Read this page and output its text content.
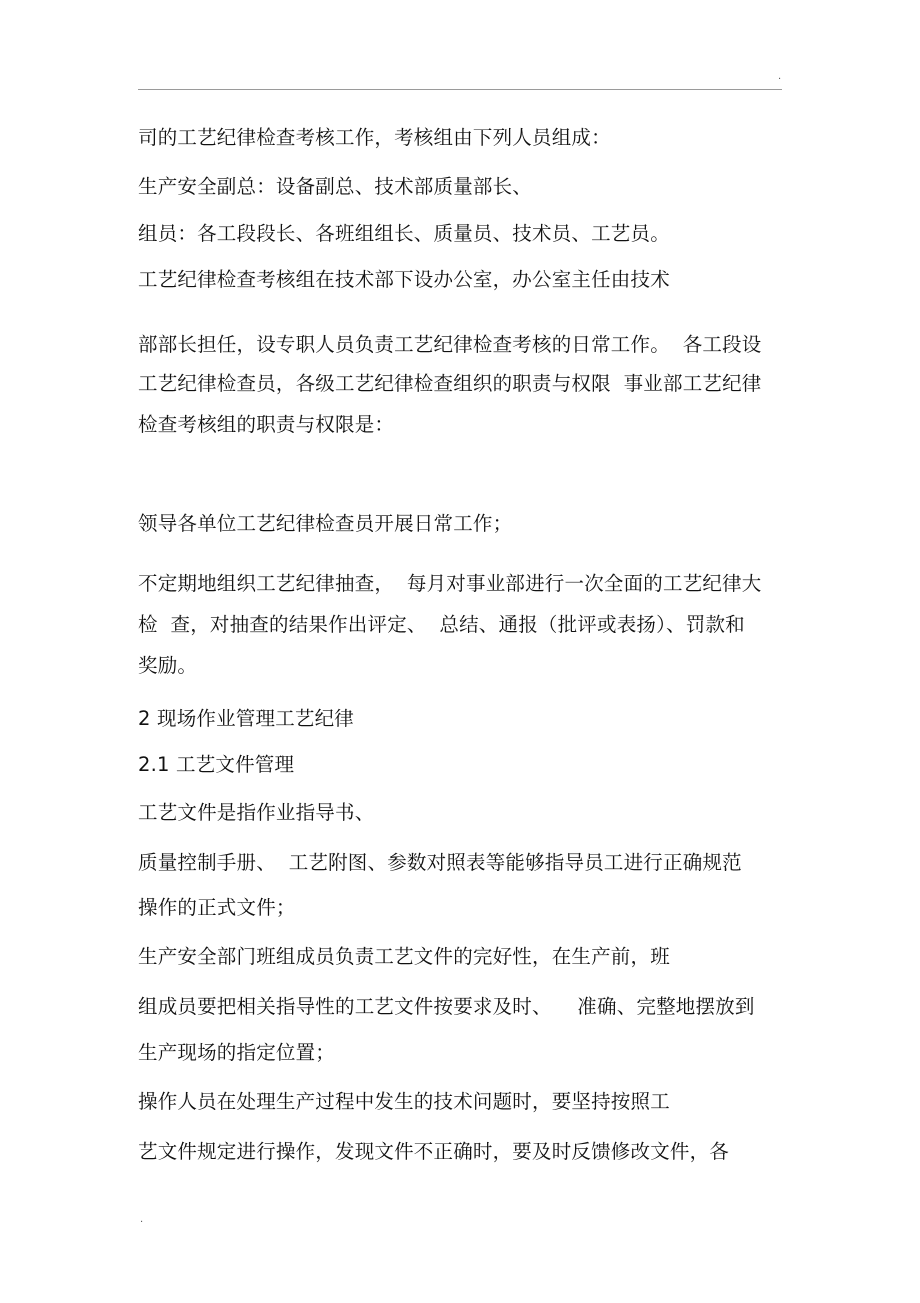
.
司的工艺纪律检查考核工作，考核组由下列人员组成：
生产安全副总：设备副总、技术部质量部长、
组员：各工段段长、各班组组长、质量员、技术员、工艺员。
工艺纪律检查考核组在技术部下设办公室，办公室主任由技术
部部长担任，设专职人员负责工艺纪律检查考核的日常工作。  各工段设
工艺纪律检查员，各级工艺纪律检查组织的职责与权限  事业部工艺纪律
检查考核组的职责与权限是：
领导各单位工艺纪律检查员开展日常工作；
不定期地组织工艺纪律抽查，  每月对事业部进行一次全面的工艺纪律大
检  查，对抽查的结果作出评定、  总结、通报（批评或表扬）、罚款和
奖励。
2 现场作业管理工艺纪律
2.1 工艺文件管理
工艺文件是指作业指导书、
质量控制手册、  工艺附图、参数对照表等能够指导员工进行正确规范
操作的正式文件；
生产安全部门班组成员负责工艺文件的完好性，在生产前，班
组成员要把相关指导性的工艺文件按要求及时、    准确、完整地摆放到
生产现场的指定位置；
操作人员在处理生产过程中发生的技术问题时，要坚持按照工
艺文件规定进行操作，发现文件不正确时，要及时反馈修改文件，各
.
